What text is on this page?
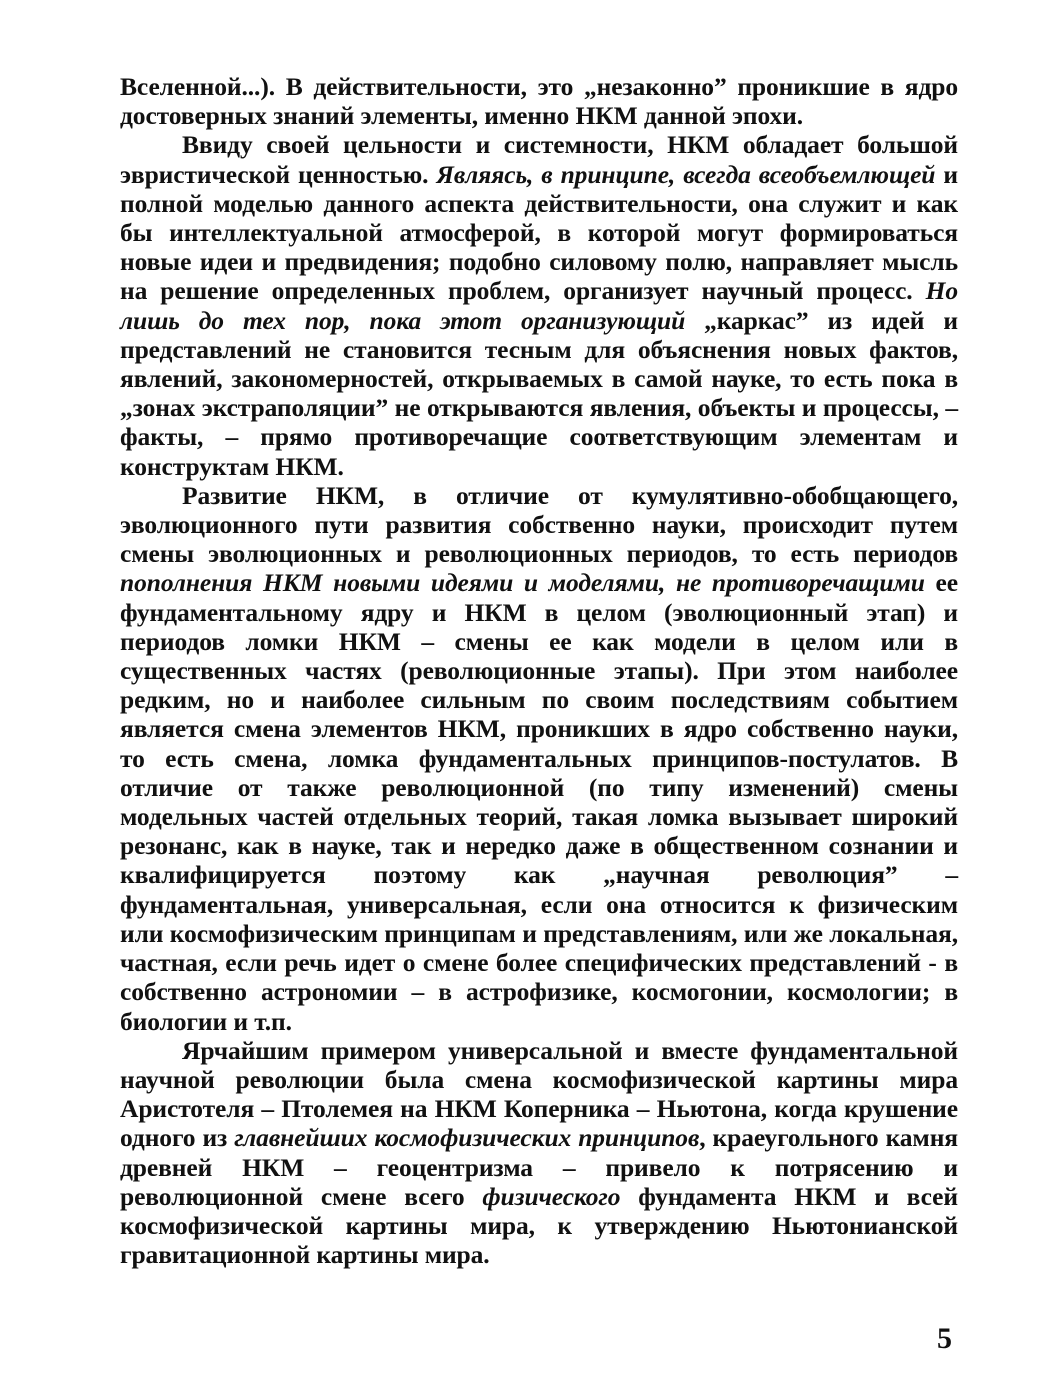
Вселенной...). В действительности, это „незаконно” проникшие в ядро достоверных знаний элементы, именно НКМ данной эпохи.

Ввиду своей цельности и системности, НКМ обладает большой эвристической ценностью. Являясь, в принципе, всегда всеобъемлющей и полной моделью данного аспекта действительности, она служит и как бы интеллектуальной атмосферой, в которой могут формироваться новые идеи и предвидения; подобно силовому полю, направляет мысль на решение определенных проблем, организует научный процесс. Но лишь до тех пор, пока этот организующий „каркас” из идей и представлений не становится тесным для объяснения новых фактов, явлений, закономерностей, открываемых в самой науке, то есть пока в „зонах экстраполяции” не открываются явления, объекты и процессы, – факты, – прямо противоречащие соответствующим элементам и конструктам НКМ.

Развитие НКМ, в отличие от кумулятивно-обобщающего, эволюционного пути развития собственно науки, происходит путем смены эволюционных и революционных периодов, то есть периодов пополнения НКМ новыми идеями и моделями, не противоречащими ее фундаментальному ядру и НКМ в целом (эволюционный этап) и периодов ломки НКМ – смены ее как модели в целом или в существенных частях (революционные этапы). При этом наиболее редким, но и наиболее сильным по своим последствиям событием является смена элементов НКМ, проникших в ядро собственно науки, то есть смена, ломка фундаментальных принципов-постулатов. В отличие от также революционной (по типу изменений) смены модельных частей отдельных теорий, такая ломка вызывает широкий резонанс, как в науке, так и нередко даже в общественном сознании и квалифицируется поэтому как „научная революция” – фундаментальная, универсальная, если она относится к физическим или космофизическим принципам и представлениям, или же локальная, частная, если речь идет о смене более специфических представлений - в собственно астрономии – в астрофизике, космогонии, космологии; в биологии и т.п.

Ярчайшим примером универсальной и вместе фундаментальной научной революции была смена космофизической картины мира Аристотеля – Птолемея на НКМ Коперника – Ньютона, когда крушение одного из главнейших космофизических принципов, краеугольного камня древней НКМ – геоцентризма – привело к потрясению и революционной смене всего физического фундамента НКМ и всей космофизической картины мира, к утверждению Ньютонианской гравитационной картины мира.

5
